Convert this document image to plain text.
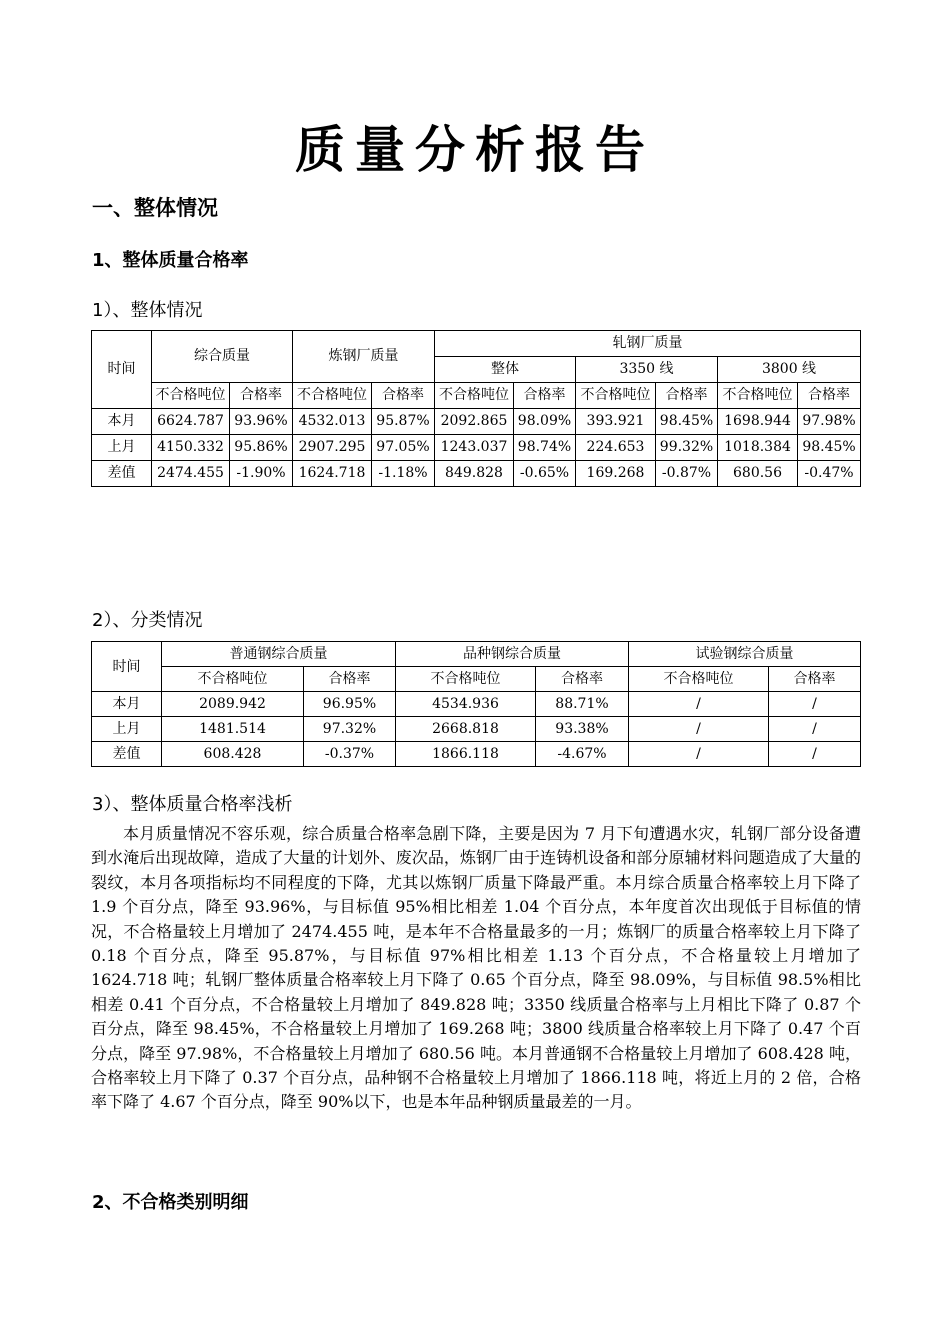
质量分析报告
一、整体情况
1、整体质量合格率
1）、整体情况
时间	综合质量		炼钢厂质量		轧钢厂质量					
					整体		3350 线		3800 线	
	不合格吨位	合格率	不合格吨位	合格率	不合格吨位	合格率	不合格吨位	合格率	不合格吨位	合格率
本月	6624.787	93.96%	4532.013	95.87%	2092.865	98.09%	393.921	98.45%	1698.944	97.98%
上月	4150.332	95.86%	2907.295	97.05%	1243.037	98.74%	224.653	99.32%	1018.384	98.45%
差值	2474.455	-1.90%	1624.718	-1.18%	849.828	-0.65%	169.268	-0.87%	680.56	-0.47%
2）、分类情况
时间	普通钢综合质量		品种钢综合质量		试验钢综合质量	
	不合格吨位	合格率	不合格吨位	合格率	不合格吨位	合格率
本月	2089.942	96.95%	4534.936	88.71%	/	/
上月	1481.514	97.32%	2668.818	93.38%	/	/
差值	608.428	-0.37%	1866.118	-4.67%	/	/
3）、整体质量合格率浅析
本月质量情况不容乐观，综合质量合格率急剧下降，主要是因为 7 月下旬遭遇水灾，轧钢厂部分设备遭到水淹后出现故障，造成了大量的计划外、废次品，炼钢厂由于连铸机设备和部分原辅材料问题造成了大量的裂纹，本月各项指标均不同程度的下降，尤其以炼钢厂质量下降最严重。本月综合质量合格率较上月下降了 1.9 个百分点，降至 93.96%，与目标值 95%相比相差 1.04 个百分点，本年度首次出现低于目标值的情况，不合格量较上月增加了 2474.455 吨，是本年不合格量最多的一月；炼钢厂的质量合格率较上月下降了 0.18 个百分点，降至 95.87%，与目标值 97%相比相差 1.13 个百分点，不合格量较上月增加了 1624.718 吨；轧钢厂整体质量合格率较上月下降了 0.65 个百分点，降至 98.09%，与目标值 98.5%相比相差 0.41 个百分点，不合格量较上月增加了 849.828 吨；3350 线质量合格率与上月相比下降了 0.87 个百分点，降至 98.45%，不合格量较上月增加了 169.268 吨；3800 线质量合格率较上月下降了 0.47 个百分点，降至 97.98%，不合格量较上月增加了 680.56 吨。本月普通钢不合格量较上月增加了 608.428 吨，合格率较上月下降了 0.37 个百分点，品种钢不合格量较上月增加了 1866.118 吨，将近上月的 2 倍，合格率下降了 4.67 个百分点，降至 90%以下，也是本年品种钢质量最差的一月。
2、不合格类别明细
